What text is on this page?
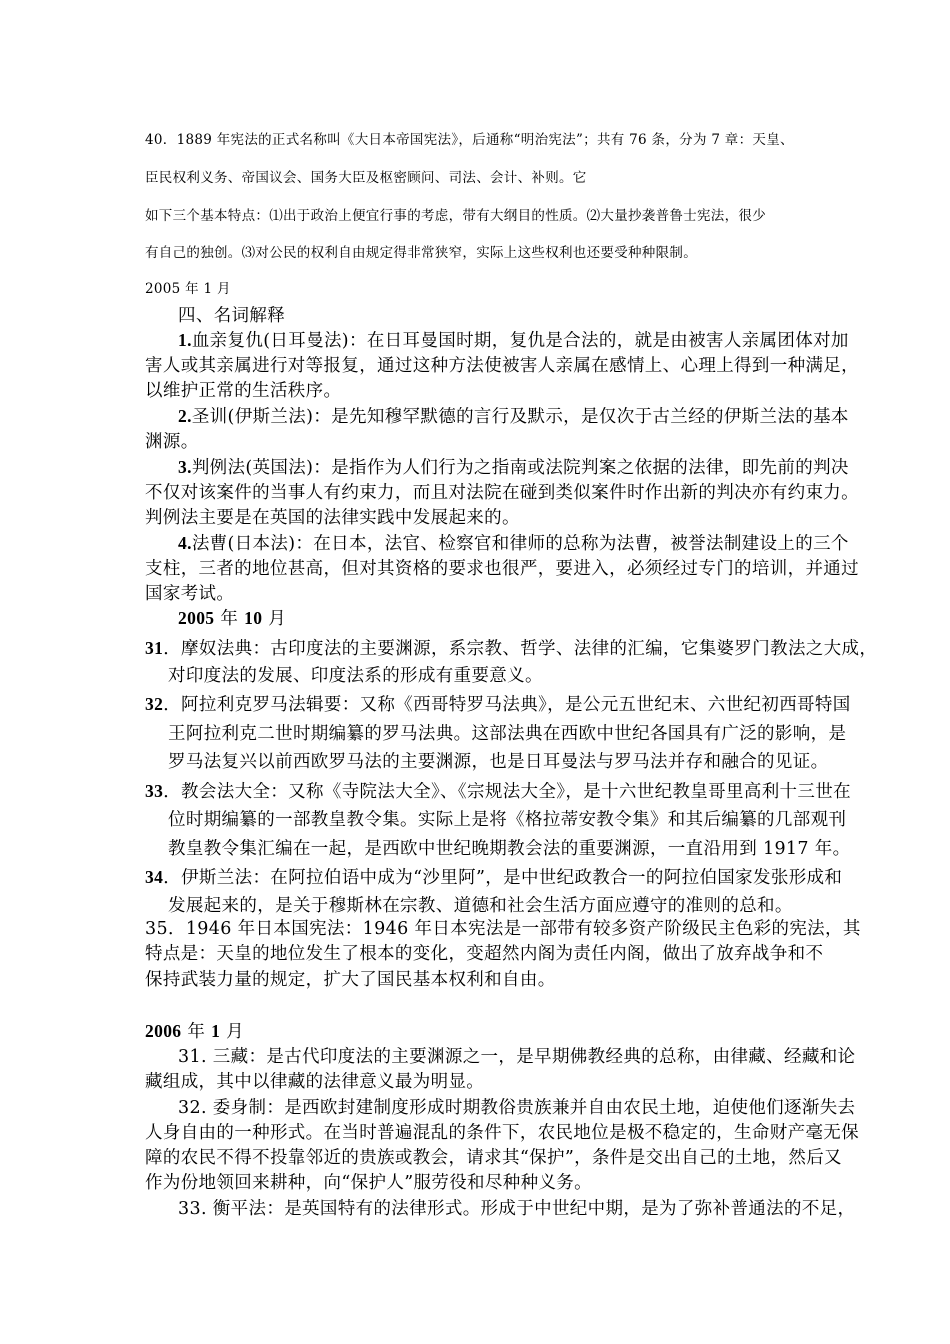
40．1889 年宪法的正式名称叫《大日本帝国宪法》，后通称“明治宪法”；共有 76 条，分为 7 章：天皇、
臣民权利义务、帝国议会、国务大臣及枢密顾问、司法、会计、补则。它
如下三个基本特点：⑴出于政治上便宜行事的考虑，带有大纲目的性质。⑵大量抄袭普鲁士宪法，很少
有自己的独创。⑶对公民的权利自由规定得非常狭窄，实际上这些权利也还要受种种限制。
2005 年 1 月
四、名词解释
1.血亲复仇(日耳曼法)：在日耳曼国时期，复仇是合法的，就是由被害人亲属团体对加
害人或其亲属进行对等报复，通过这种方法使被害人亲属在感情上、心理上得到一种满足，
以维护正常的生活秩序。
2.圣训(伊斯兰法)：是先知穆罕默德的言行及默示，是仅次于古兰经的伊斯兰法的基本
渊源。
3.判例法(英国法)：是指作为人们行为之指南或法院判案之依据的法律，即先前的判决
不仅对该案件的当事人有约束力，而且对法院在碰到类似案件时作出新的判决亦有约束力。
判例法主要是在英国的法律实践中发展起来的。
4.法曹(日本法)：在日本，法官、检察官和律师的总称为法曹，被誉法制建设上的三个
支柱，三者的地位甚高，但对其资格的要求也很严，要进入，必须经过专门的培训，并通过
国家考试。
2005 年 10 月
31．摩奴法典：古印度法的主要渊源，系宗教、哲学、法律的汇编，它集婆罗门教法之大成，
对印度法的发展、印度法系的形成有重要意义。
32．阿拉利克罗马法辑要：又称《西哥特罗马法典》，是公元五世纪末、六世纪初西哥特国
王阿拉利克二世时期编纂的罗马法典。这部法典在西欧中世纪各国具有广泛的影响，是
罗马法复兴以前西欧罗马法的主要渊源，也是日耳曼法与罗马法并存和融合的见证。
33．教会法大全：又称《寺院法大全》、《宗规法大全》，是十六世纪教皇哥里高利十三世在
位时期编纂的一部教皇教令集。实际上是将《格拉蒂安教令集》和其后编纂的几部观刊
教皇教令集汇编在一起，是西欧中世纪晚期教会法的重要渊源，一直沿用到 1917 年。
34．伊斯兰法：在阿拉伯语中成为“沙里阿”，是中世纪政教合一的阿拉伯国家发张形成和
发展起来的，是关于穆斯林在宗教、道德和社会生活方面应遵守的准则的总和。
35．1946 年日本国宪法：1946 年日本宪法是一部带有较多资产阶级民主色彩的宪法，其
特点是：天皇的地位发生了根本的变化，变超然内阁为责任内阁，做出了放弃战争和不
保持武装力量的规定，扩大了国民基本权利和自由。
2006 年 1 月
31. 三藏：是古代印度法的主要渊源之一，是早期佛教经典的总称，由律藏、经藏和论
藏组成，其中以律藏的法律意义最为明显。
32. 委身制：是西欧封建制度形成时期教俗贵族兼并自由农民土地，迫使他们逐渐失去
人身自由的一种形式。在当时普遍混乱的条件下，农民地位是极不稳定的，生命财产毫无保
障的农民不得不投靠邻近的贵族或教会，请求其“保护”，条件是交出自己的土地，然后又
作为份地领回来耕种，向“保护人”服劳役和尽种种义务。
33. 衡平法：是英国特有的法律形式。形成于中世纪中期，是为了弥补普通法的不足，
